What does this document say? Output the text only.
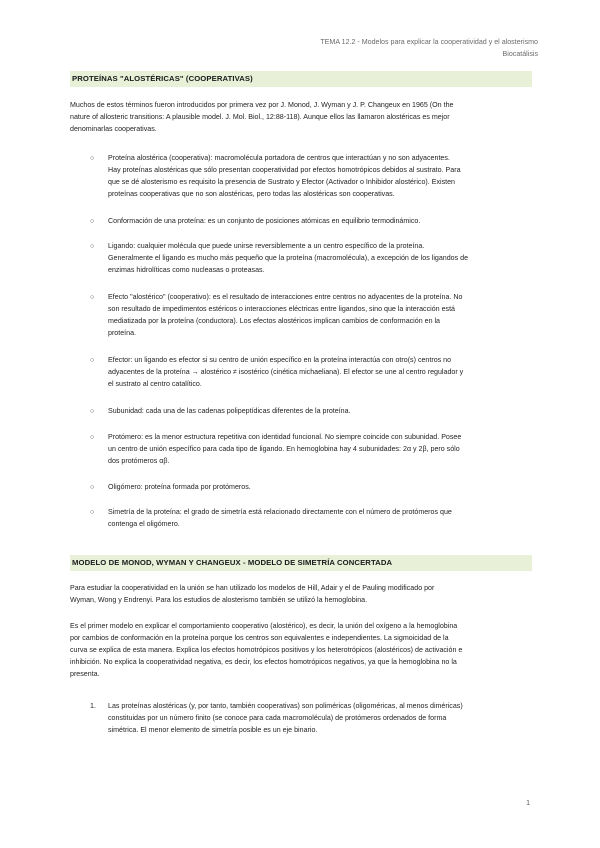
TEMA 12.2 - Modelos para explicar la cooperatividad y el alosterismo
Biocatálisis
PROTEÍNAS "ALOSTÉRICAS" (COOPERATIVAS)
Muchos de estos términos fueron introducidos por primera vez por J. Monod, J. Wyman y J. P. Changeux en 1965 (On the
nature of allosteric transitions: A plausible model. J. Mol. Biol., 12:88-118). Aunque ellos las llamaron alostéricas es mejor
denominarlas cooperativas.
○ Proteína alostérica (cooperativa): macromolécula portadora de centros que interactúan y no son adyacentes.
Hay proteínas alostéricas que sólo presentan cooperatividad por efectos homotrópicos debidos al sustrato. Para
que se dé alosterismo es requisito la presencia de Sustrato y Efector (Activador o Inhibidor alostérico). Existen
proteínas cooperativas que no son alostéricas, pero todas las alostéricas son cooperativas.
○ Conformación de una proteína: es un conjunto de posiciones atómicas en equilibrio termodinámico.
○ Ligando: cualquier molécula que puede unirse reversiblemente a un centro específico de la proteína.
Generalmente el ligando es mucho más pequeño que la proteína (macromolécula), a excepción de los ligandos de
enzimas hidrolíticas como nucleasas o proteasas.
○ Efecto "alostérico" (cooperativo): es el resultado de interacciones entre centros no adyacentes de la proteína. No
son resultado de impedimentos estéricos o interacciones eléctricas entre ligandos, sino que la interacción está
mediatizada por la proteína (conductora). Los efectos alostéricos implican cambios de conformación en la
proteína.
○ Efector: un ligando es efector si su centro de unión específico en la proteína interactúa con otro(s) centros no
adyacentes de la proteína → alostérico ≠ isostérico (cinética michaeliana). El efector se une al centro regulador y
el sustrato al centro catalítico.
○ Subunidad: cada una de las cadenas polipeptídicas diferentes de la proteína.
○ Protómero: es la menor estructura repetitiva con identidad funcional. No siempre coincide con subunidad. Posee
un centro de unión específico para cada tipo de ligando. En hemoglobina hay 4 subunidades: 2α y 2β, pero sólo
dos protómeros αβ.
○ Oligómero: proteína formada por protómeros.
○ Simetría de la proteína: el grado de simetría está relacionado directamente con el número de protómeros que
contenga el oligómero.
MODELO DE MONOD, WYMAN Y CHANGEUX - MODELO DE SIMETRÍA CONCERTADA
Para estudiar la cooperatividad en la unión se han utilizado los modelos de Hill, Adair y el de Pauling modificado por
Wyman, Wong y Endrenyi. Para los estudios de alosterismo también se utilizó la hemoglobina.
Es el primer modelo en explicar el comportamiento cooperativo (alostérico), es decir, la unión del oxígeno a la hemoglobina
por cambios de conformación en la proteína porque los centros son equivalentes e independientes. La sigmoicidad de la
curva se explica de esta manera. Explica los efectos homotrópicos positivos y los heterotrópicos (alostéricos) de activación e
inhibición. No explica la cooperatividad negativa, es decir, los efectos homotrópicos negativos, ya que la hemoglobina no la
presenta.
1. Las proteínas alostéricas (y, por tanto, también cooperativas) son poliméricas (oligoméricas, al menos diméricas)
constituidas por un número finito (se conoce para cada macromolécula) de protómeros ordenados de forma
simétrica. El menor elemento de simetría posible es un eje binario.
1
